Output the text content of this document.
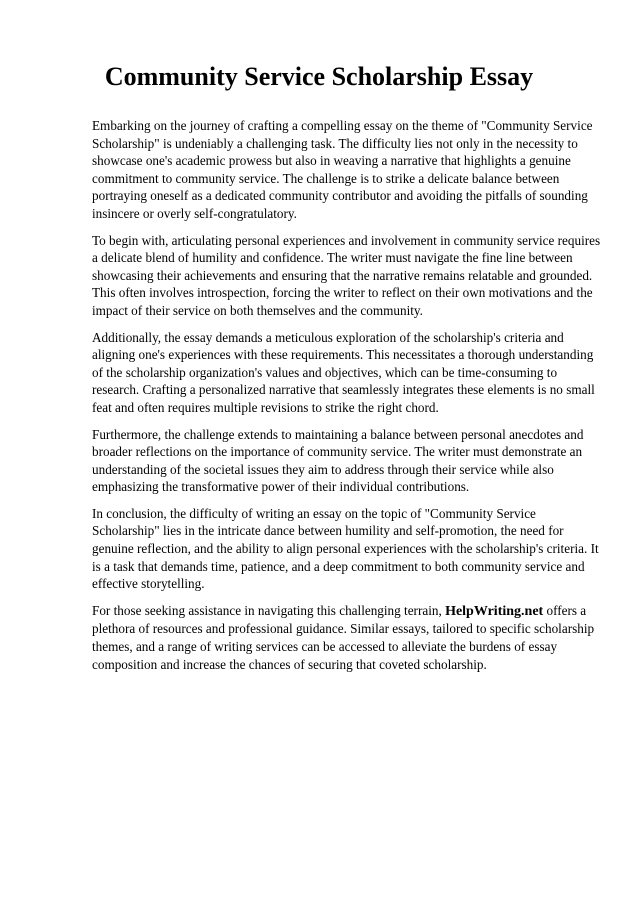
Community Service Scholarship Essay

Embarking on the journey of crafting a compelling essay on the theme of "Community Service Scholarship" is undeniably a challenging task. The difficulty lies not only in the necessity to showcase one's academic prowess but also in weaving a narrative that highlights a genuine commitment to community service. The challenge is to strike a delicate balance between portraying oneself as a dedicated community contributor and avoiding the pitfalls of sounding insincere or overly self-congratulatory.

To begin with, articulating personal experiences and involvement in community service requires a delicate blend of humility and confidence. The writer must navigate the fine line between showcasing their achievements and ensuring that the narrative remains relatable and grounded. This often involves introspection, forcing the writer to reflect on their own motivations and the impact of their service on both themselves and the community.

Additionally, the essay demands a meticulous exploration of the scholarship's criteria and aligning one's experiences with these requirements. This necessitates a thorough understanding of the scholarship organization's values and objectives, which can be time-consuming to research. Crafting a personalized narrative that seamlessly integrates these elements is no small feat and often requires multiple revisions to strike the right chord.

Furthermore, the challenge extends to maintaining a balance between personal anecdotes and broader reflections on the importance of community service. The writer must demonstrate an understanding of the societal issues they aim to address through their service while also emphasizing the transformative power of their individual contributions.

In conclusion, the difficulty of writing an essay on the topic of "Community Service Scholarship" lies in the intricate dance between humility and self-promotion, the need for genuine reflection, and the ability to align personal experiences with the scholarship's criteria. It is a task that demands time, patience, and a deep commitment to both community service and effective storytelling.

For those seeking assistance in navigating this challenging terrain, HelpWriting.net offers a plethora of resources and professional guidance. Similar essays, tailored to specific scholarship themes, and a range of writing services can be accessed to alleviate the burdens of essay composition and increase the chances of securing that coveted scholarship.
